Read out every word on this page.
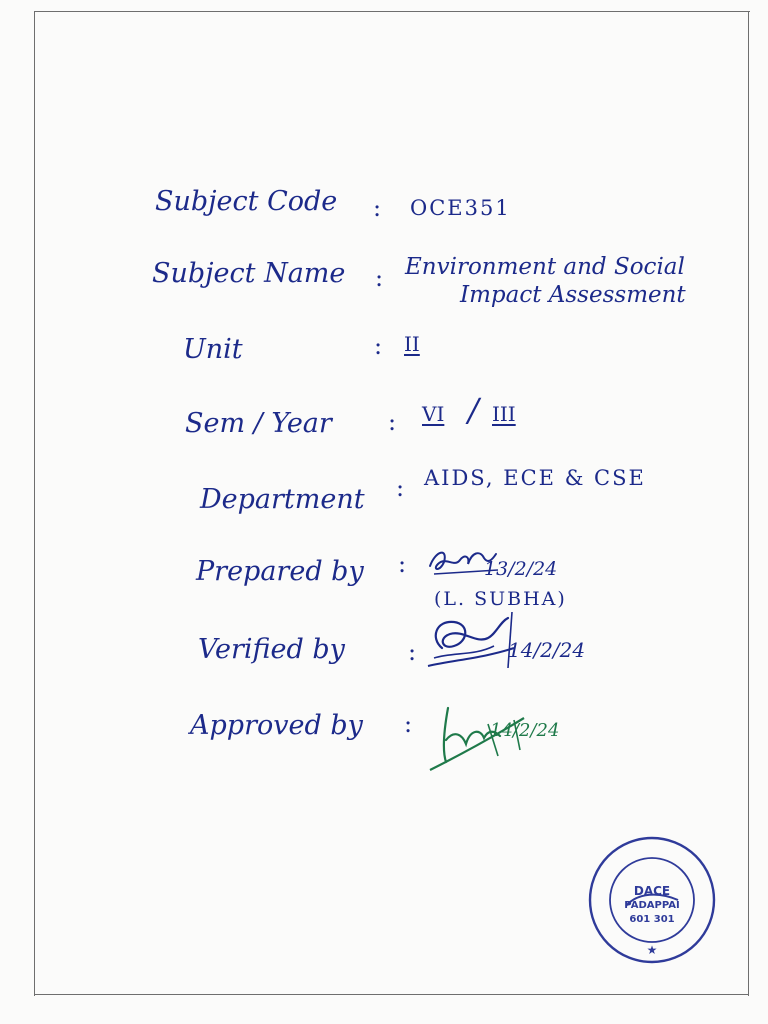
Subject Code : OCE351
Subject Name : Environment and Social
Impact Assessment
Unit	: II
Sem / Year : VI / III
Department : AIDS, ECE & CSE
Prepared by :	13/2/24
(L. SUBHA)
Verified by	:	14/2/24
Approved by :	14/2/24
★
DACE
PADAPPAI
601 301
